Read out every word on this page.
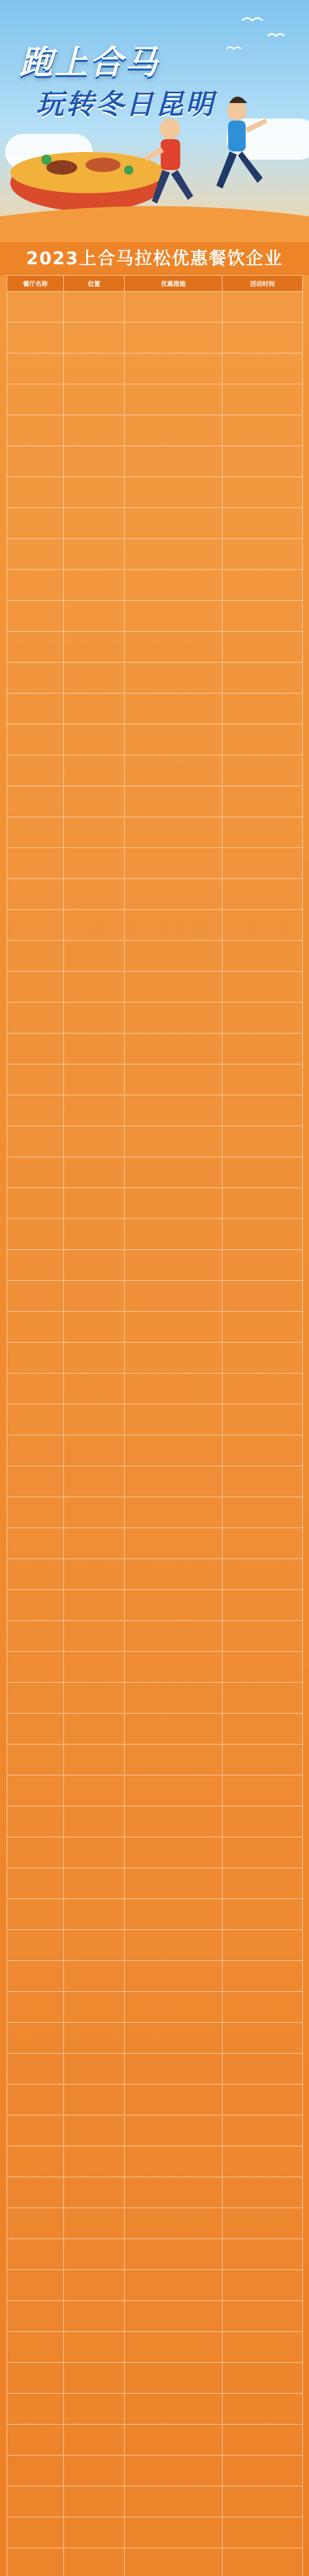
跑上合马
玩转冬日昆明
2023上合马拉松优惠餐饮企业
餐厅名称	位置	优惠措施	活动时间
